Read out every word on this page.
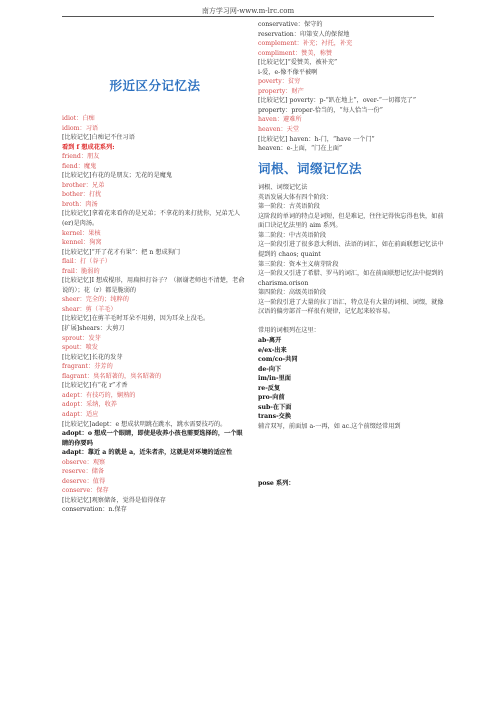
南方学习网-www.m-lrc.com
形近区分记忆法
idiot：白痴
idiom：习语
[比较记忆]白痴记不住习语
看到 f 想成花系列:
friend：朋友
fiend：魔鬼
[比较记忆]有花的是朋友；无花的是魔鬼
brother：兄弟
bother：打扰
broth：肉汤
[比较记忆]拿着花来看你的是兄弟；不拿花的来打扰你，兄弟无人(er)是肉汤。
kernel：果核
kennel：狗窝
[比较记忆]“开了花才有果”：把 n 想成狗门
flail：打（谷子）
frail：脆弱的
[比较记忆]I 想成棍形，用扁担打谷子？（据谢老师也不清楚，老俞说的）；花（r）都是脆弱的
sheer：完全的；纯粹的
shear：剪（羊毛）
[比较记忆]在剪羊毛时耳朵不用剪，因为耳朵上没毛。
[扩展]shears：大剪刀
sprout：发芽
spout：喷发
[比较记忆]长花的发芽
fragrant：芬芳的
flagrant：臭名昭著的，臭名昭著的
[比较记忆]有“花 r”才香
adept：有技巧的，娴熟的
adopt：采纳，收养
adapt：适应
[比较记忆]adept：e 想成状明跳在跳水，跳水需要技巧的。
adopt：o 想成一个眼睛，即使是收养小孩也需要选择的，一个眼睛的你要吗
adapt：靠近 a 的就是 a，近朱者赤，这就是对环境的适应性
observe：观察
reserve：储备
deserve：值得
conserve：保存
[比较记忆]观察储备，觉得是值得保存
conservation：n.保存
conservative：保守的
reservation：印第安人的保留地
complement：补充；衬托，补充
compliment：赞美，称赞
[比较记忆]“爱赞美，被补充”
i-爱，e-像不像平被啊
poverty：贫穷
property：财产
[比较记忆] poverty：p-“趴在地上”，over-“一切都完了”
property：proper-恰当的，“每人恰当一份”
haven：避难所
heaven：天堂
[比较记忆] haven：h-门，“have 一个门”
heaven：e-上面，“门在上面”
词根、词缀记忆法
词根、词缀记忆法
英语发展大体有四个阶段：
第一阶段：古英语阶段
这阶段的单词的特点是词短，但是难记，往往记得快忘得也快，如前面口诀记忆法里的 aim 系列。
第二阶段：中古英语阶段
这一阶段引进了很多意大利语、法语的词汇，如在前面联想记忆法中提到的 chaos; quaint
第三阶段：资本主义萌芽阶段
这一阶段又引进了希腊、罗马的词汇，如在前面联想记忆法中提到的 charisma.orison
第四阶段：高级英语阶段
这一阶段引进了大量的拉丁语汇，特点是有大量的词根、词缀，就像汉语的偏旁部首一样很有规律，记忆起来较容易。
常用的词根列在这里：
ab-离开
e/ex-出来
com/co-共同
de-向下
im/in-里面
re-反复
pro-向前
sub-在下面
trans-交换
辅音双写，前面加 a-一再，如 ac.这个前缀经常用到
pose 系列：
